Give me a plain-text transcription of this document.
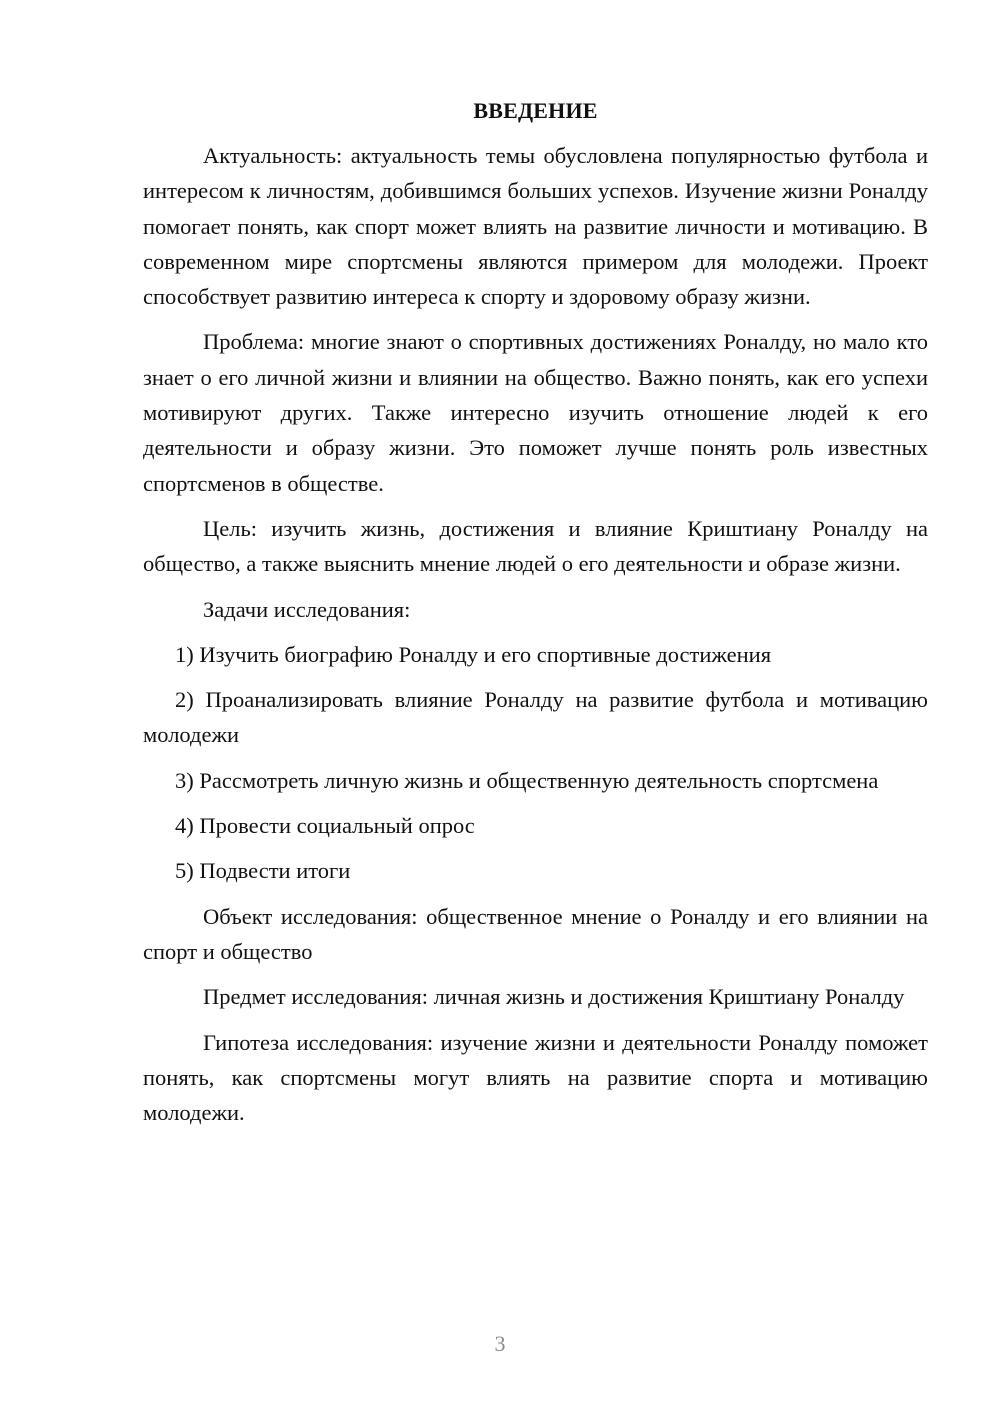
ВВЕДЕНИЕ

Актуальность: актуальность темы обусловлена популярностью футбола и интересом к личностям, добившимся больших успехов. Изучение жизни Роналду помогает понять, как спорт может влиять на развитие личности и мотивацию. В современном мире спортсмены являются примером для молодежи. Проект способствует развитию интереса к спорту и здоровому образу жизни.

Проблема: многие знают о спортивных достижениях Роналду, но мало кто знает о его личной жизни и влиянии на общество. Важно понять, как его успехи мотивируют других. Также интересно изучить отношение людей к его деятельности и образу жизни. Это поможет лучше понять роль известных спортсменов в обществе.

Цель: изучить жизнь, достижения и влияние Криштиану Роналду на общество, а также выяснить мнение людей о его деятельности и образе жизни.

Задачи исследования:

1) Изучить биографию Роналду и его спортивные достижения

2) Проанализировать влияние Роналду на развитие футбола и мотивацию молодежи

3) Рассмотреть личную жизнь и общественную деятельность спортсмена

4) Провести социальный опрос

5) Подвести итоги

Объект исследования: общественное мнение о Роналду и его влиянии на спорт и общество

Предмет исследования: личная жизнь и достижения Криштиану Роналду

Гипотеза исследования: изучение жизни и деятельности Роналду поможет понять, как спортсмены могут влиять на развитие спорта и мотивацию молодежи.

3
